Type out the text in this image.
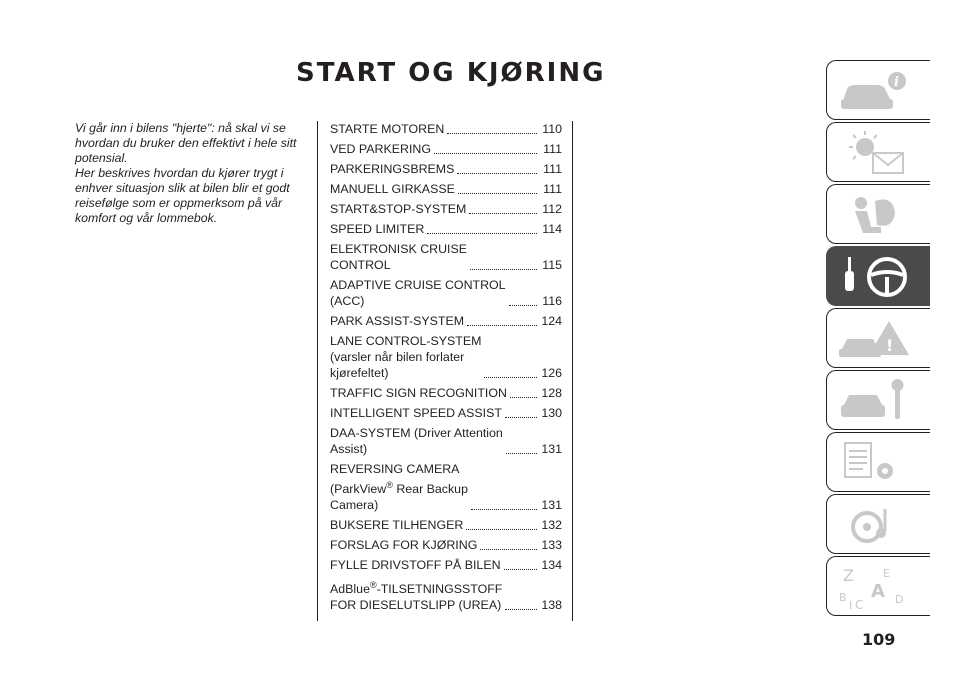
START OG KJØRING

Vi går inn i bilens "hjerte": nå skal vi se hvordan du bruker den effektivt i hele sitt potensial.

Her beskrives hvordan du kjører trygt i enhver situasjon slik at bilen blir et godt reisefølge som er oppmerksom på vår komfort og vår lommebok.

STARTE MOTOREN	110
VED PARKERING	111
PARKERINGSBREMS	111
MANUELL GIRKASSE	111
START&STOP-SYSTEM	112
SPEED LIMITER	114
ELEKTRONISK CRUISE
CONTROL	115
ADAPTIVE CRUISE CONTROL
(ACC)	116
PARK ASSIST-SYSTEM	124
LANE CONTROL-SYSTEM
(varsler når bilen forlater
kjørefeltet)	126
TRAFFIC SIGN RECOGNITION	128
INTELLIGENT SPEED ASSIST	130
DAA-SYSTEM (Driver Attention
Assist)	131
REVERSING CAMERA
(ParkView® Rear Backup
Camera)	131
BUKSERE TILHENGER	132
FORSLAG FOR KJØRING	133
FYLLE DRIVSTOFF PÅ BILEN	134
AdBlue®-TILSETNINGSSTOFF
FOR DIESELUTSLIPP (UREA)	138
109
i
!
Z	E
A
B
C	D
I
